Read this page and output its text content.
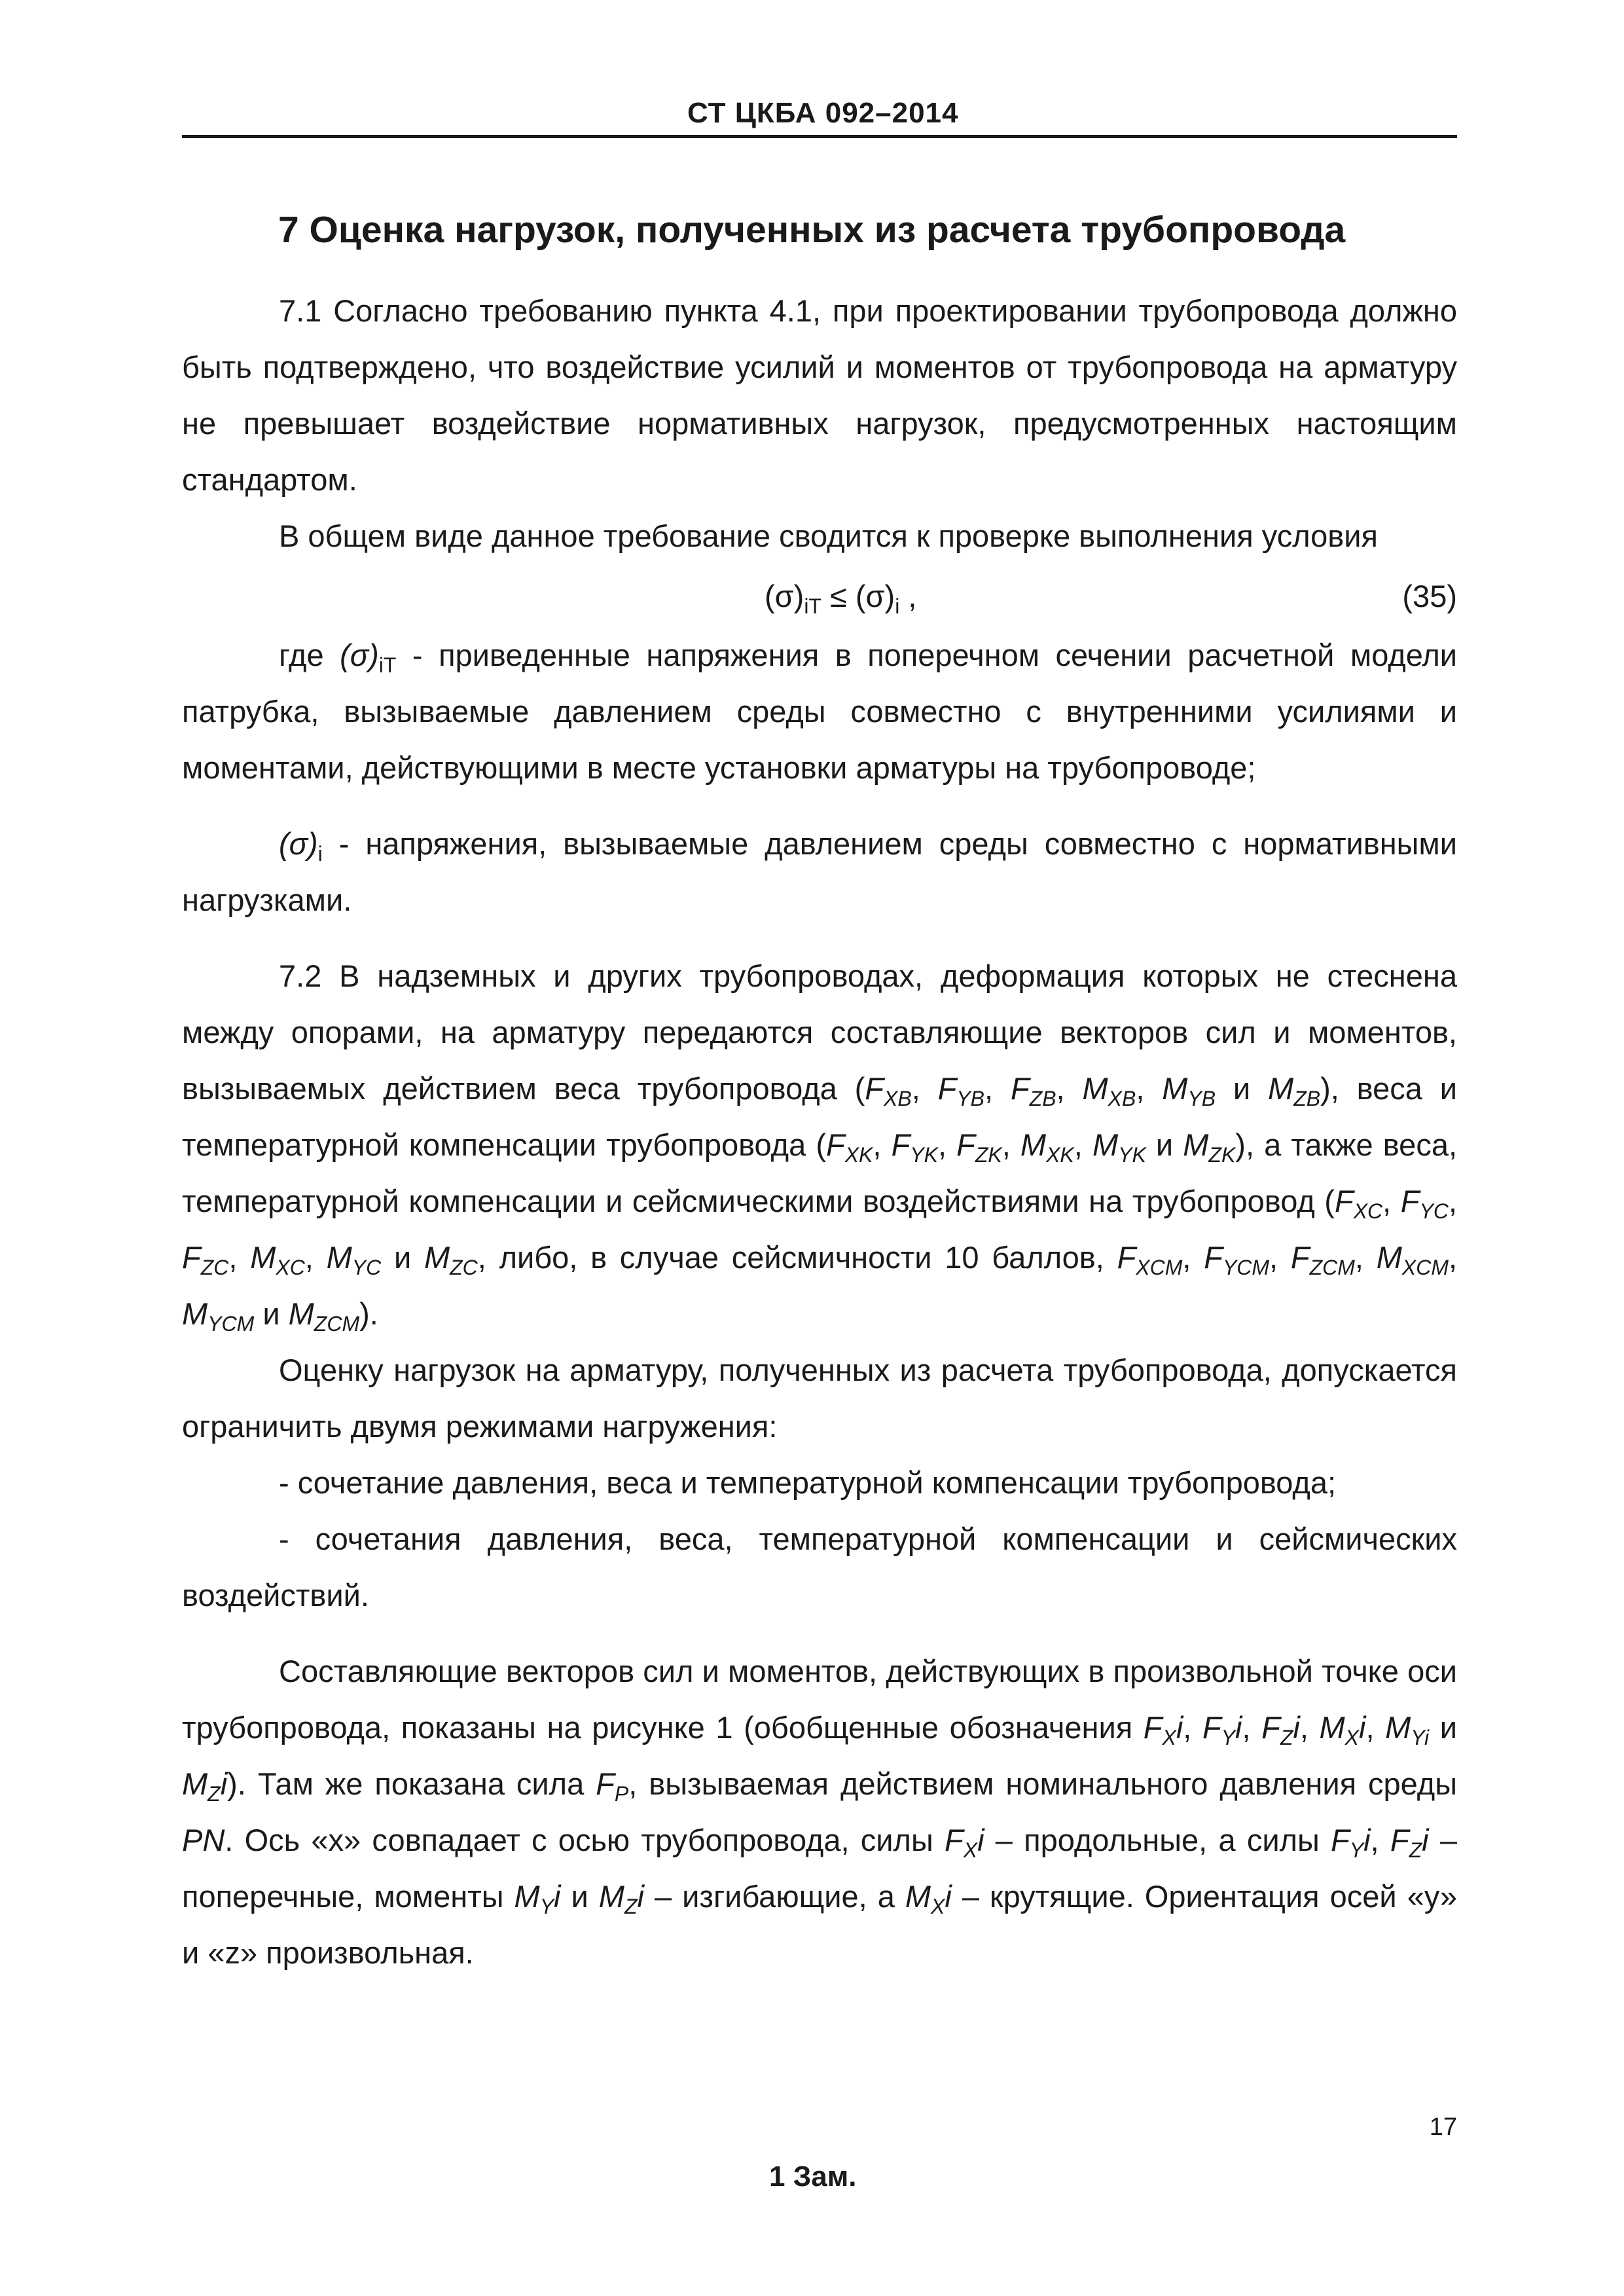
СТ ЦКБА 092–2014
7 Оценка нагрузок, полученных из расчета трубопровода

7.1 Согласно требованию пункта 4.1, при проектировании трубопровода должно быть подтверждено, что воздействие усилий и моментов от трубопровода на арматуру не превышает воздействие нормативных нагрузок, предусмотренных настоящим стандартом.

В общем виде данное требование сводится к проверке выполнения условия

$(\sigma)_{iT} \le (\sigma)_i$ ,	(35)

где $(\sigma)_{iT}$ - приведенные напряжения в поперечном сечении расчетной модели патрубка, вызываемые давлением среды совместно с внутренними усилиями и моментами, действующими в месте установки арматуры на трубопроводе;

$(\sigma)_i$ - напряжения, вызываемые давлением среды совместно с нормативными нагрузками.

7.2 В надземных и других трубопроводах, деформация которых не стеснена между опорами, на арматуру передаются составляющие векторов сил и моментов, вызываемых действием веса трубопровода ($F_{XB}$, $F_{YB}$, $F_{ZB}$, $M_{XB}$, $M_{YB}$ и $M_{ZB}$), веса и температурной компенсации трубопровода ($F_{XK}$, $F_{YK}$, $F_{ZK}$, $M_{XK}$, $M_{YK}$ и $M_{ZK}$), а также веса, температурной компенсации и сейсмическими воздействиями на трубопровод ($F_{XC}$, $F_{YC}$, $F_{ZC}$, $M_{XC}$, $M_{YC}$ и $M_{ZC}$, либо, в случае сейсмичности 10 баллов, $F_{XCM}$, $F_{YCM}$, $F_{ZCM}$, $M_{XCM}$, $M_{YCM}$ и $M_{ZCM}$).

Оценку нагрузок на арматуру, полученных из расчета трубопровода, допускается ограничить двумя режимами нагружения:

- сочетание давления, веса и температурной компенсации трубопровода;

- сочетания давления, веса, температурной компенсации и сейсмических воздействий.

Составляющие векторов сил и моментов, действующих в произвольной точке оси трубопровода, показаны на рисунке 1 (обобщенные обозначения $F_Xi$, $F_Yi$, $F_Zi$, $M_Xi$, $M_{Yi}$ и $M_Zi$). Там же показана сила $F_P$, вызываемая действием номинального давления среды PN. Ось «х» совпадает с осью трубопровода, силы $F_Xi$ – продольные, а силы $F_Yi$, $F_Zi$ – поперечные, моменты $M_Yi$ и $M_Zi$ – изгибающие, а $M_Xi$ – крутящие. Ориентация осей «у» и «z» произвольная.

17
1 Зам.
